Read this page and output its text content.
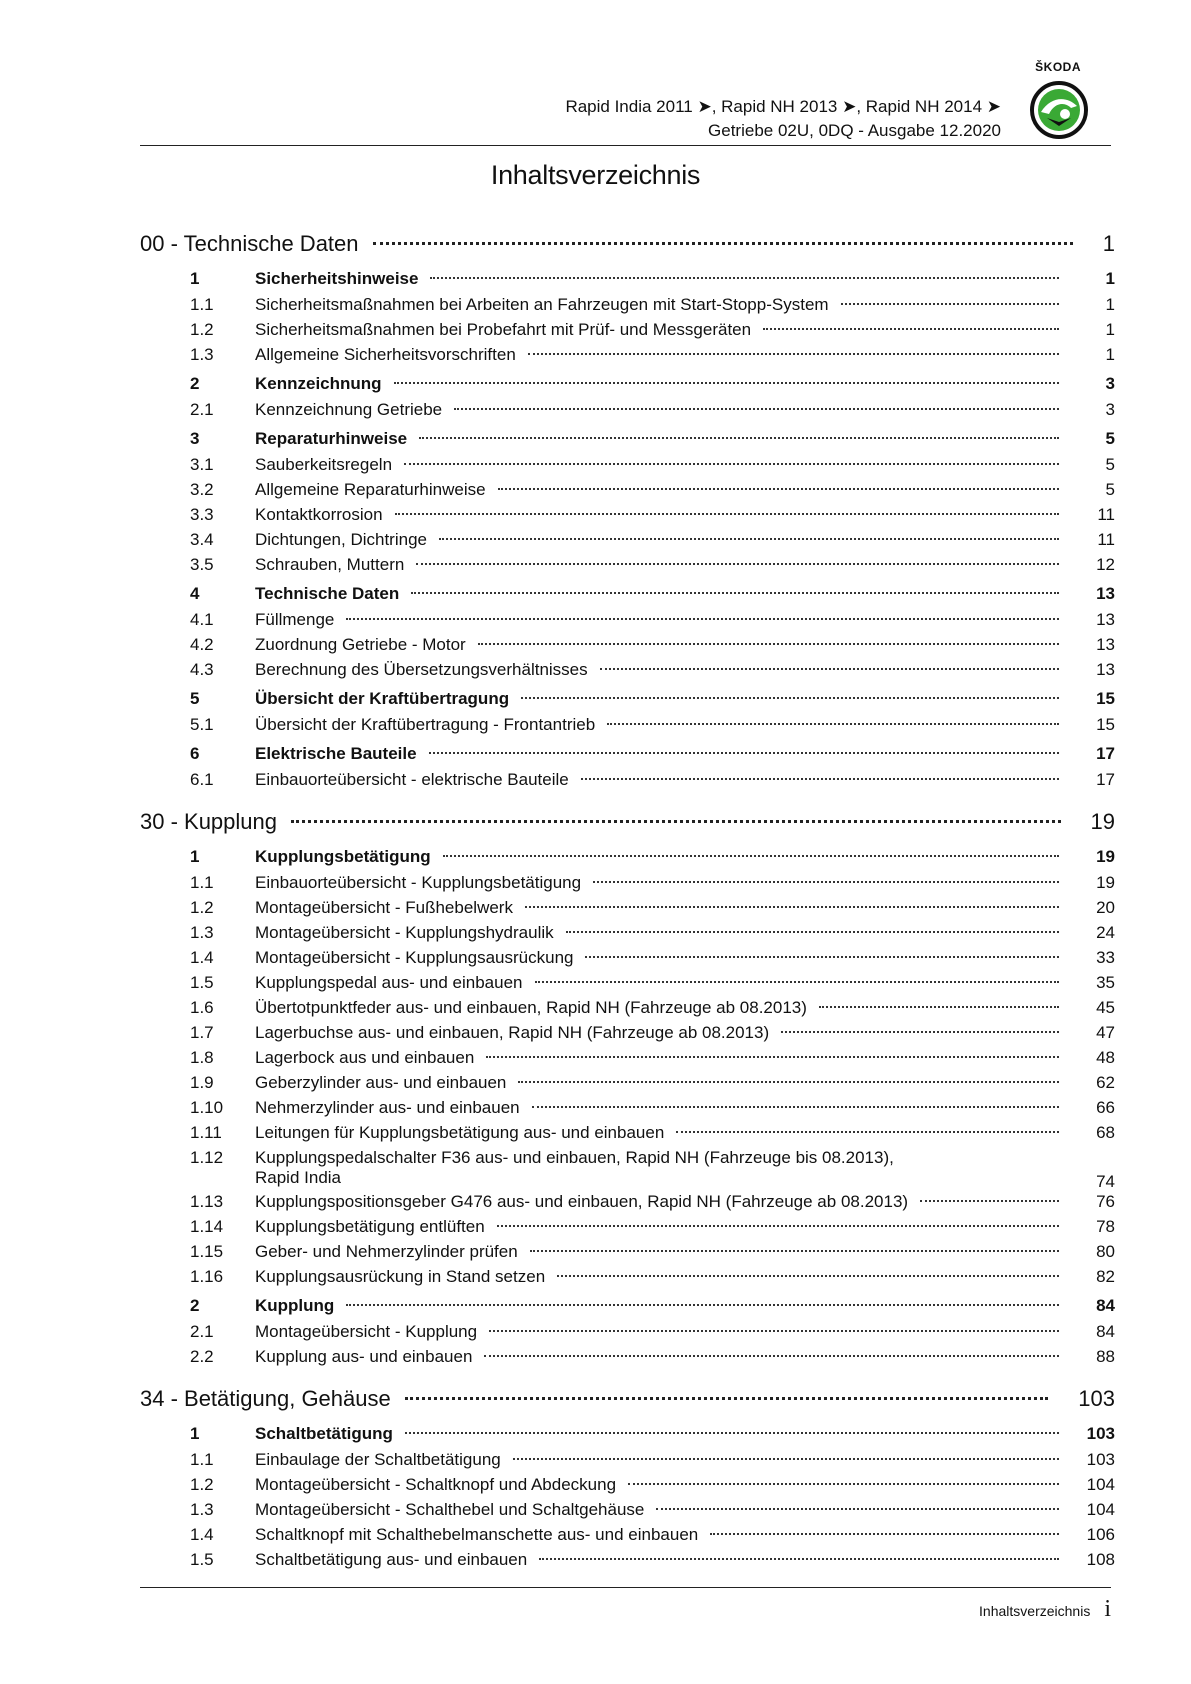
Rapid India 2011 ➤, Rapid NH 2013 ➤, Rapid NH 2014 ➤
Getriebe 02U, 0DQ - Ausgabe 12.2020
ŠKODA
Inhaltsverzeichnis
00 - Technische Daten	1
1	Sicherheitshinweise	1
1.1	Sicherheitsmaßnahmen bei Arbeiten an Fahrzeugen mit Start-Stopp-System	1
1.2	Sicherheitsmaßnahmen bei Probefahrt mit Prüf- und Messgeräten	1
1.3	Allgemeine Sicherheitsvorschriften	1
2	Kennzeichnung	3
2.1	Kennzeichnung Getriebe	3
3	Reparaturhinweise	5
3.1	Sauberkeitsregeln	5
3.2	Allgemeine Reparaturhinweise	5
3.3	Kontaktkorrosion	11
3.4	Dichtungen, Dichtringe	11
3.5	Schrauben, Muttern	12
4	Technische Daten	13
4.1	Füllmenge	13
4.2	Zuordnung Getriebe - Motor	13
4.3	Berechnung des Übersetzungsverhältnisses	13
5	Übersicht der Kraftübertragung	15
5.1	Übersicht der Kraftübertragung - Frontantrieb	15
6	Elektrische Bauteile	17
6.1	Einbauorteübersicht - elektrische Bauteile	17
30 - Kupplung	19
1	Kupplungsbetätigung	19
1.1	Einbauorteübersicht - Kupplungsbetätigung	19
1.2	Montageübersicht - Fußhebelwerk	20
1.3	Montageübersicht - Kupplungshydraulik	24
1.4	Montageübersicht - Kupplungsausrückung	33
1.5	Kupplungspedal aus- und einbauen	35
1.6	Übertotpunktfeder aus- und einbauen, Rapid NH (Fahrzeuge ab 08.2013)	45
1.7	Lagerbuchse aus- und einbauen, Rapid NH (Fahrzeuge ab 08.2013)	47
1.8	Lagerbock aus und einbauen	48
1.9	Geberzylinder aus- und einbauen	62
1.10	Nehmerzylinder aus- und einbauen	66
1.11	Leitungen für Kupplungsbetätigung aus- und einbauen	68
1.12	Kupplungspedalschalter F36 aus- und einbauen, Rapid NH (Fahrzeuge bis 08.2013),
Rapid India	74
1.13	Kupplungspositionsgeber G476 aus- und einbauen, Rapid NH (Fahrzeuge ab 08.2013)	76
1.14	Kupplungsbetätigung entlüften	78
1.15	Geber- und Nehmerzylinder prüfen	80
1.16	Kupplungsausrückung in Stand setzen	82
2	Kupplung	84
2.1	Montageübersicht - Kupplung	84
2.2	Kupplung aus- und einbauen	88
34 - Betätigung, Gehäuse	103
1	Schaltbetätigung	103
1.1	Einbaulage der Schaltbetätigung	103
1.2	Montageübersicht - Schaltknopf und Abdeckung	104
1.3	Montageübersicht - Schalthebel und Schaltgehäuse	104
1.4	Schaltknopf mit Schalthebelmanschette aus- und einbauen	106
1.5	Schaltbetätigung aus- und einbauen	108
Inhaltsverzeichnis i
